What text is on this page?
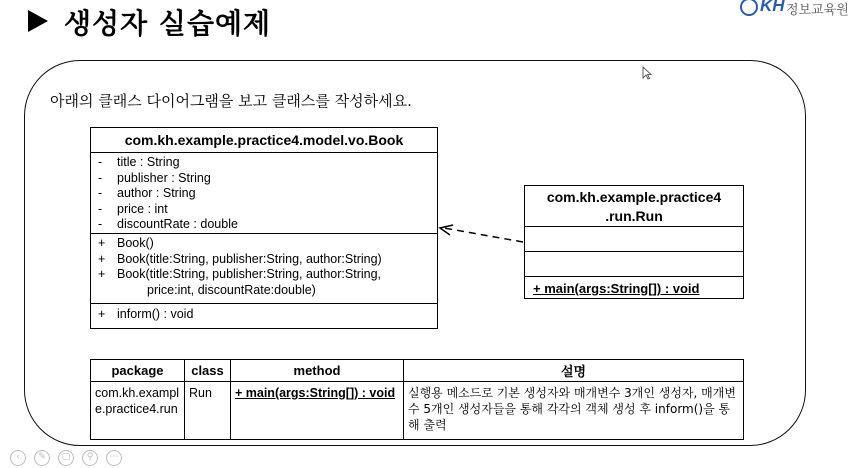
생성자 실습예제
KH 정보교육원
아래의 클래스 다이어그램을 보고 클래스를 작성하세요.
com.kh.example.practice4.model.vo.Book
- title : String
- publisher : String
- author : String
- price : int
- discountRate : double
+ Book()
+ Book(title:String, publisher:String, author:String)
+ Book(title:String, publisher:String, author:String,
price:int, discountRate:double)
+ inform() : void
com.kh.example.practice4
.run.Run
+ main(args:String[]) : void
package	class	method	설명
com.kh.example.practice4.run	Run	+ main(args:String[]) : void	실행용 메소드로 기본 생성자와 매개변수 3개인 생성자, 매개변수 5개인 생성자들을 통해 각각의 객체 생성 후 inform()을 통해 출력
‹	✎	▢	⚲	⋯
